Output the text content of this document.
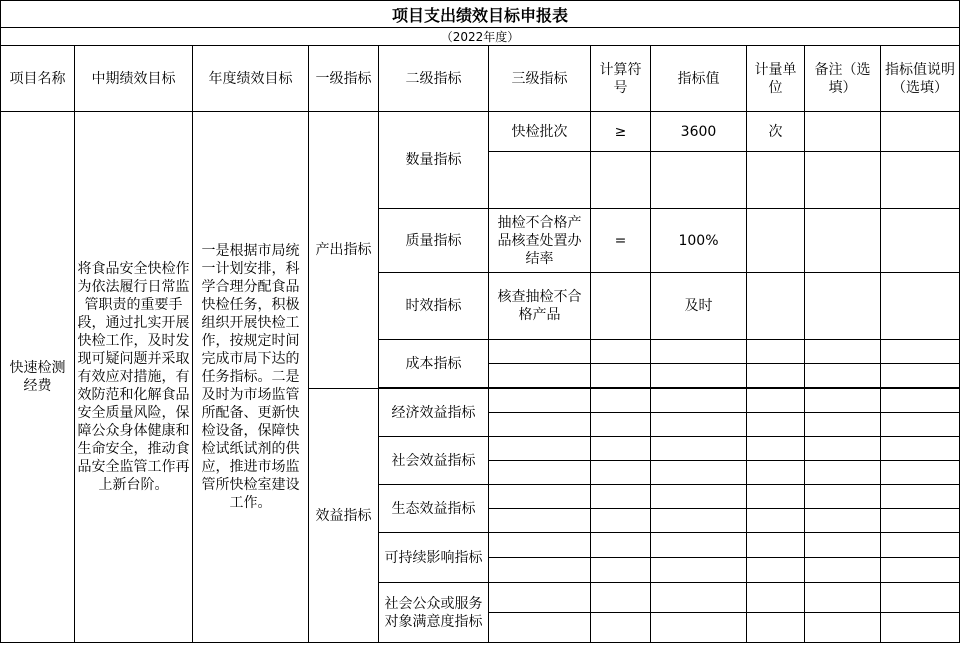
项目支出绩效目标申报表
（2022年度）
项目名称	中期绩效目标	年度绩效目标	一级指标	二级指标	三级指标	计算符号	指标值	计量单位	备注（选填）	指标值说明（选填）
快速检测经费	将食品安全快检作为依法履行日常监管职责的重要手段，通过扎实开展快检工作，及时发现可疑问题并采取有效应对措施，有效防范和化解食品安全质量风险，保障公众身体健康和生命安全，推动食品安全监管工作再上新台阶。	一是根据市局统一计划安排，科学合理分配食品快检任务，积极组织开展快检工作，按规定时间完成市局下达的任务指标。二是及时为市场监管所配备、更新快检设备，保障快检试纸试剂的供应，推进市场监管所快检室建设工作。	产出指标	数量指标	快检批次	≥	3600	次		

				质量指标	抽检不合格产品核查处置办结率	=	100%			
				时效指标	核查抽检不合格产品		及时			
				成本指标						

			效益指标	经济效益指标						

				社会效益指标						

				生态效益指标						

				可持续影响指标						

				社会公众或服务对象满意度指标						
